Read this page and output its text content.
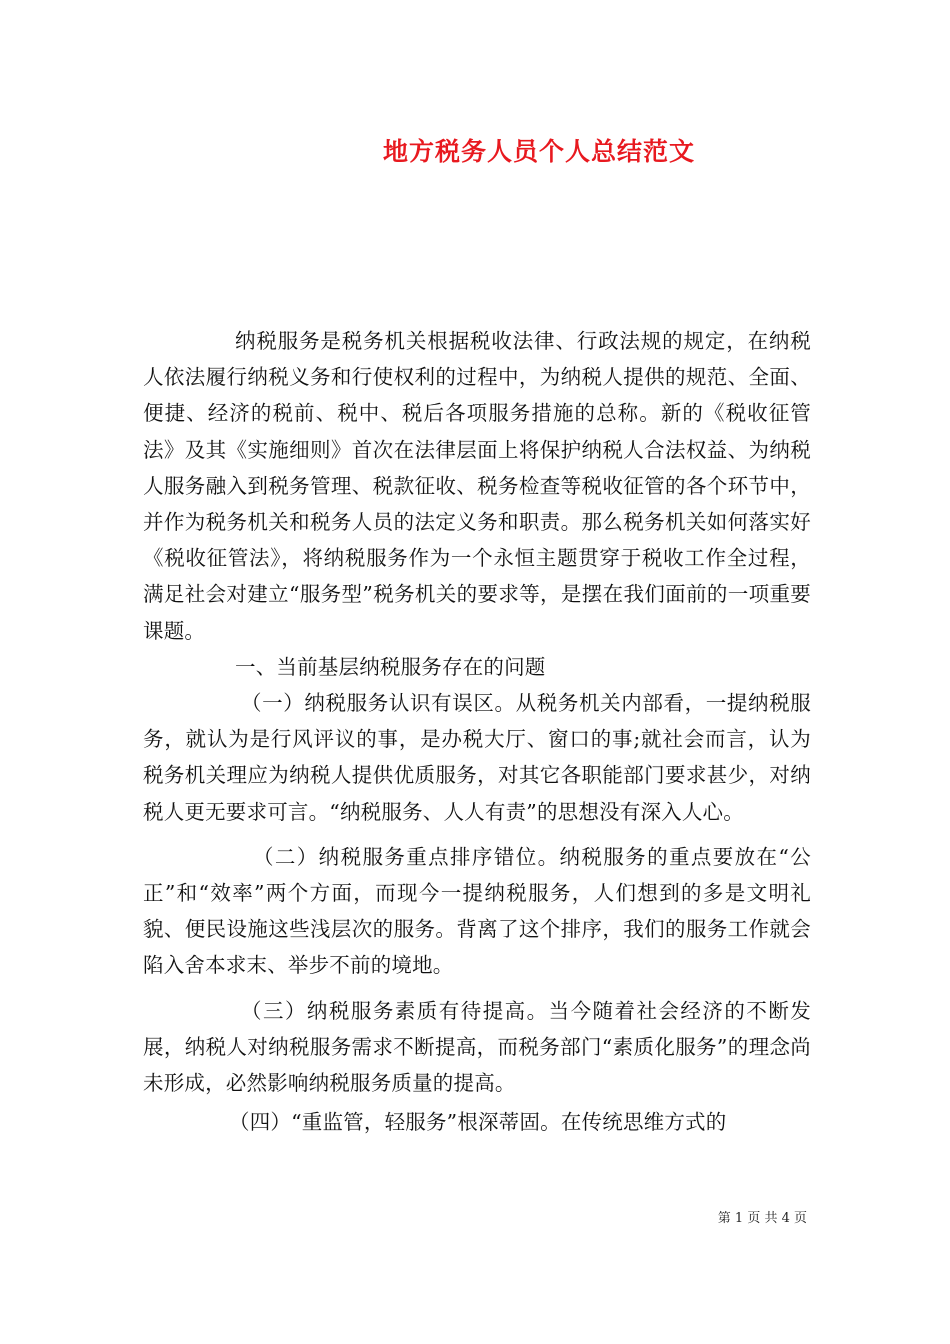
地方税务人员个人总结范文

纳税服务是税务机关根据税收法律、行政法规的规定，在纳税人依法履行纳税义务和行使权利的过程中，为纳税人提供的规范、全面、便捷、经济的税前、税中、税后各项服务措施的总称。新的《税收征管法》及其《实施细则》首次在法律层面上将保护纳税人合法权益、为纳税人服务融入到税务管理、税款征收、税务检查等税收征管的各个环节中，并作为税务机关和税务人员的法定义务和职责。那么税务机关如何落实好《税收征管法》，将纳税服务作为一个永恒主题贯穿于税收工作全过程，满足社会对建立“服务型”税务机关的要求等，是摆在我们面前的一项重要课题。

一、当前基层纳税服务存在的问题

（一）纳税服务认识有误区。从税务机关内部看，一提纳税服务，就认为是行风评议的事，是办税大厅、窗口的事;就社会而言，认为税务机关理应为纳税人提供优质服务，对其它各职能部门要求甚少，对纳税人更无要求可言。“纳税服务、人人有责”的思想没有深入人心。

（二）纳税服务重点排序错位。纳税服务的重点要放在“公正”和“效率”两个方面，而现今一提纳税服务，人们想到的多是文明礼貌、便民设施这些浅层次的服务。背离了这个排序，我们的服务工作就会陷入舍本求末、举步不前的境地。

（三）纳税服务素质有待提高。当今随着社会经济的不断发展，纳税人对纳税服务需求不断提高，而税务部门“素质化服务”的理念尚未形成，必然影响纳税服务质量的提高。

（四）“重监管，轻服务”根深蒂固。在传统思维方式的

第 1 页 共 4 页
